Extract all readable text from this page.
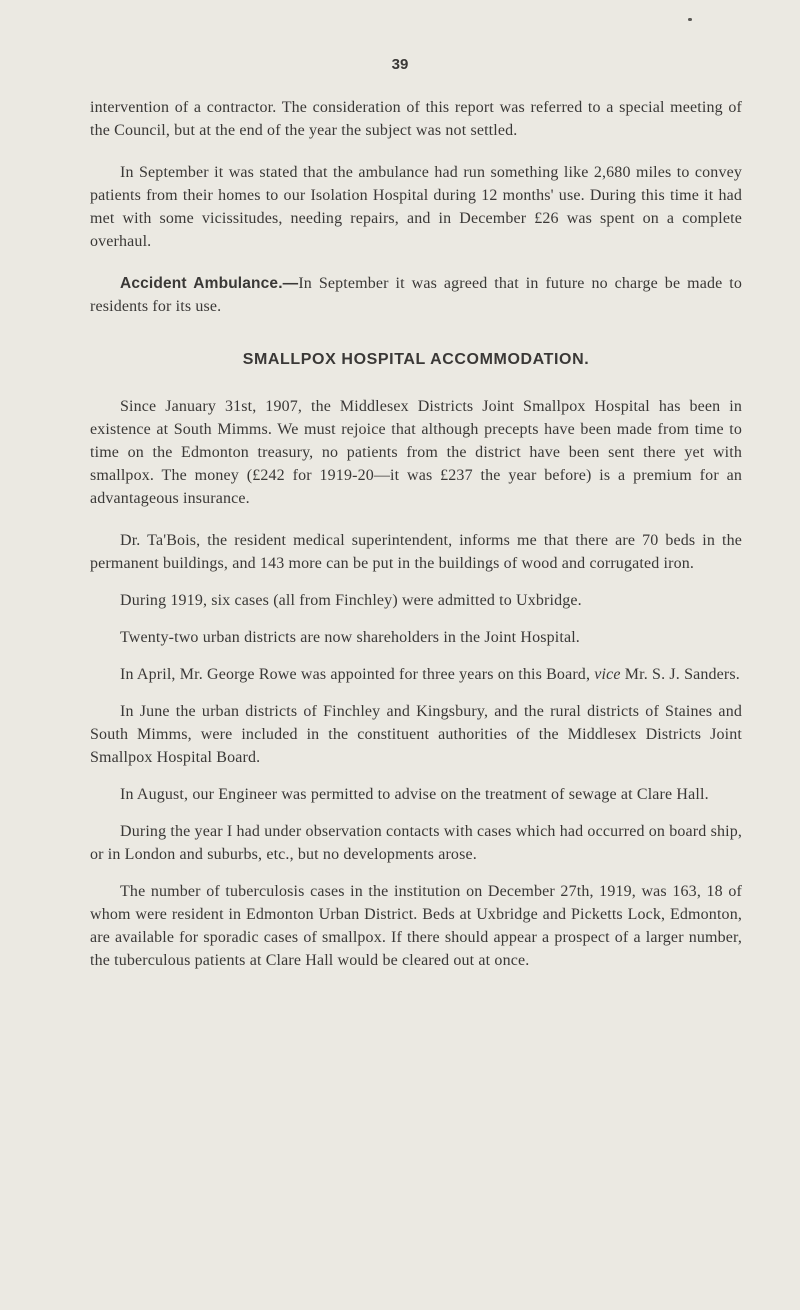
39

intervention of a contractor. The consideration of this report was referred to a special meeting of the Council, but at the end of the year the subject was not settled.

In September it was stated that the ambulance had run something like 2,680 miles to convey patients from their homes to our Isolation Hospital during 12 months' use. During this time it had met with some vicissitudes, needing repairs, and in December £26 was spent on a complete overhaul.

Accident Ambulance.—In September it was agreed that in future no charge be made to residents for its use.

SMALLPOX HOSPITAL ACCOMMODATION.

Since January 31st, 1907, the Middlesex Districts Joint Smallpox Hospital has been in existence at South Mimms. We must rejoice that although precepts have been made from time to time on the Edmonton treasury, no patients from the district have been sent there yet with smallpox. The money (£242 for 1919-20—it was £237 the year before) is a premium for an advantageous insurance.

Dr. Ta'Bois, the resident medical superintendent, informs me that there are 70 beds in the permanent buildings, and 143 more can be put in the buildings of wood and corrugated iron.

During 1919, six cases (all from Finchley) were admitted to Uxbridge.

Twenty-two urban districts are now shareholders in the Joint Hospital.

In April, Mr. George Rowe was appointed for three years on this Board, vice Mr. S. J. Sanders.

In June the urban districts of Finchley and Kingsbury, and the rural districts of Staines and South Mimms, were included in the constituent authorities of the Middlesex Districts Joint Smallpox Hospital Board.

In August, our Engineer was permitted to advise on the treatment of sewage at Clare Hall.

During the year I had under observation contacts with cases which had occurred on board ship, or in London and suburbs, etc., but no developments arose.

The number of tuberculosis cases in the institution on December 27th, 1919, was 163, 18 of whom were resident in Edmonton Urban District. Beds at Uxbridge and Picketts Lock, Edmonton, are available for sporadic cases of smallpox. If there should appear a prospect of a larger number, the tuberculous patients at Clare Hall would be cleared out at once.
